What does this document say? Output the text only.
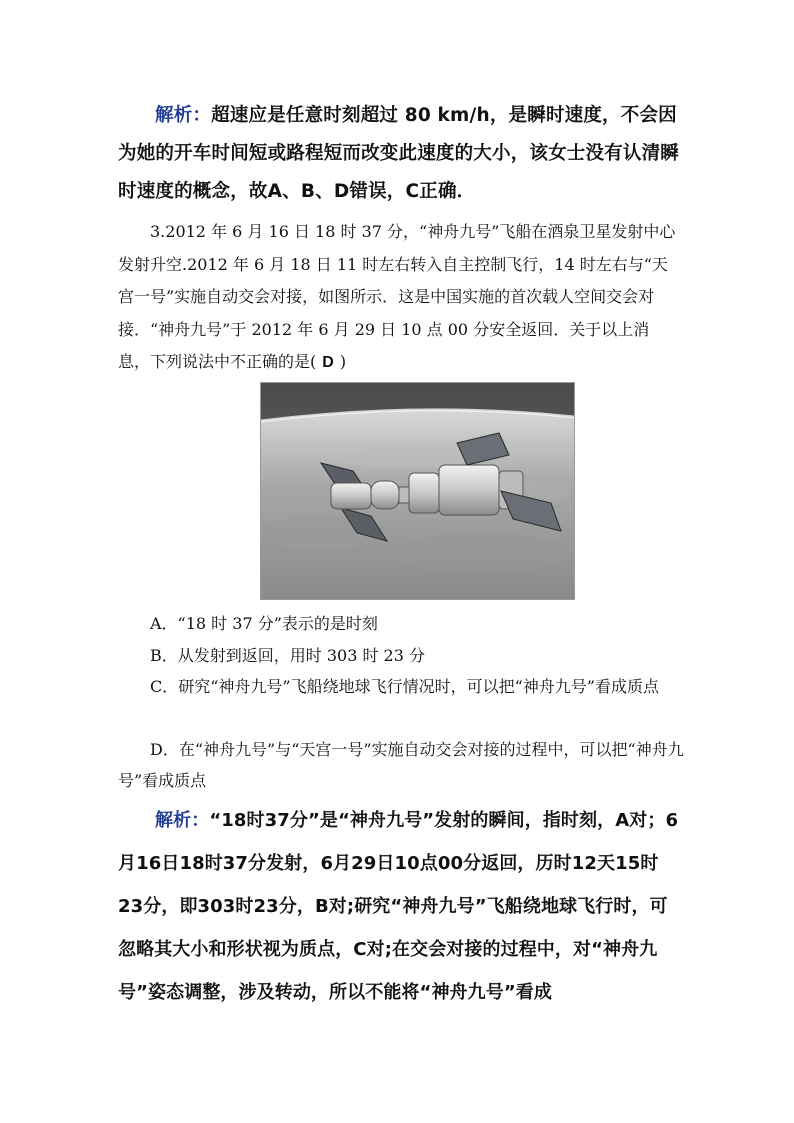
解析：超速应是任意时刻超过 80 km/h，是瞬时速度，不会因为她的开车时间短或路程短而改变此速度的大小，该女士没有认清瞬时速度的概念，故A、B、D错误，C正确．

3.2012 年 6 月 16 日 18 时 37 分，“神舟九号”飞船在酒泉卫星发射中心发射升空.2012 年 6 月 18 日 11 时左右转入自主控制飞行，14 时左右与“天宫一号”实施自动交会对接，如图所示．这是中国实施的首次载人空间交会对接．“神舟九号”于 2012 年 6 月 29 日 10 点 00 分安全返回．关于以上消息，下列说法中不正确的是( D )

A．“18 时 37 分”表示的是时刻

B．从发射到返回，用时 303 时 23 分

C．研究“神舟九号”飞船绕地球飞行情况时，可以把“神舟九号”看成质点

D．在“神舟九号”与“天宫一号”实施自动交会对接的过程中，可以把“神舟九号”看成质点

解析：“18时37分”是“神舟九号”发射的瞬间，指时刻，A对；6月16日18时37分发射，6月29日10点00分返回，历时12天15时23分，即303时23分，B对;研究“神舟九号”飞船绕地球飞行时，可忽略其大小和形状视为质点，C对;在交会对接的过程中，对“神舟九号”姿态调整，涉及转动，所以不能将“神舟九号”看成
